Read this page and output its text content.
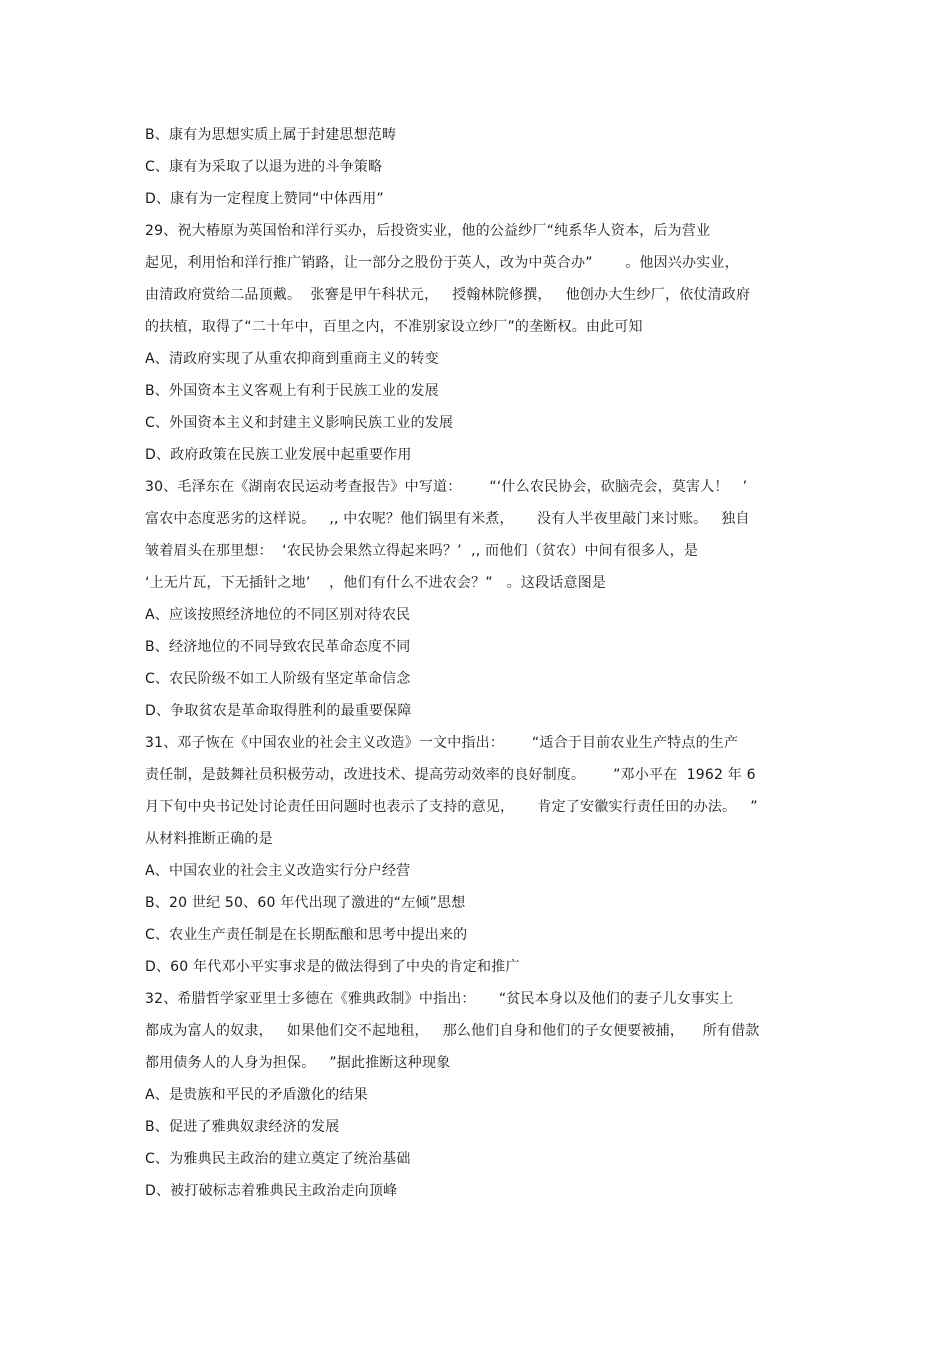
B、康有为思想实质上属于封建思想范畴
C、康有为采取了以退为进的斗争策略
D、康有为一定程度上赞同“中体西用”
29、祝大椿原为英国怡和洋行买办，后投资实业，他的公益纱厂“纯系华人资本，后为营业
起见，利用怡和洋行推广销路，让一部分之股份于英人，改为中英合办”       。他因兴办实业，
由清政府赏给二品顶戴。  张謇是甲午科状元，   授翰林院修撰，   他创办大生纱厂，依仗清政府
的扶植，取得了“二十年中，百里之内，不准别家设立纱厂”的垄断权。由此可知
A、清政府实现了从重农抑商到重商主义的转变
B、外国资本主义客观上有利于民族工业的发展
C、外国资本主义和封建主义影响民族工业的发展
D、政府政策在民族工业发展中起重要作用
30、毛泽东在《湖南农民运动考查报告》中写道：      “‘什么农民协会，砍脑壳会，莫害人！   ’
富农中态度恶劣的这样说。   ,, 中农呢？他们锅里有米煮，     没有人半夜里敲门来讨账。   独自
皱着眉头在那里想：  ‘农民协会果然立得起来吗？’  ,, 而他们（贫农）中间有很多人，是
‘上无片瓦，下无插针之地’    ，他们有什么不进农会？”   。这段话意图是
A、应该按照经济地位的不同区别对待农民
B、经济地位的不同导致农民革命态度不同
C、农民阶级不如工人阶级有坚定革命信念
D、争取贫农是革命取得胜利的最重要保障
31、邓子恢在《中国农业的社会主义改造》一文中指出：      “适合于目前农业生产特点的生产
责任制，是鼓舞社员积极劳动，改进技术、提高劳动效率的良好制度。      ”邓小平在  1962 年 6
月下旬中央书记处讨论责任田问题时也表示了支持的意见，     肯定了安徽实行责任田的办法。   ”
从材料推断正确的是
A、中国农业的社会主义改造实行分户经营
B、20 世纪 50、60 年代出现了激进的“左倾”思想
C、农业生产责任制是在长期酝酿和思考中提出来的
D、60 年代邓小平实事求是的做法得到了中央的肯定和推广
32、希腊哲学家亚里士多德在《雅典政制》中指出：     “贫民本身以及他们的妻子儿女事实上
都成为富人的奴隶，   如果他们交不起地租，   那么他们自身和他们的子女便要被捕，    所有借款
都用债务人的人身为担保。   ”据此推断这种现象
A、是贵族和平民的矛盾激化的结果
B、促进了雅典奴隶经济的发展
C、为雅典民主政治的建立奠定了统治基础
D、被打破标志着雅典民主政治走向顶峰
